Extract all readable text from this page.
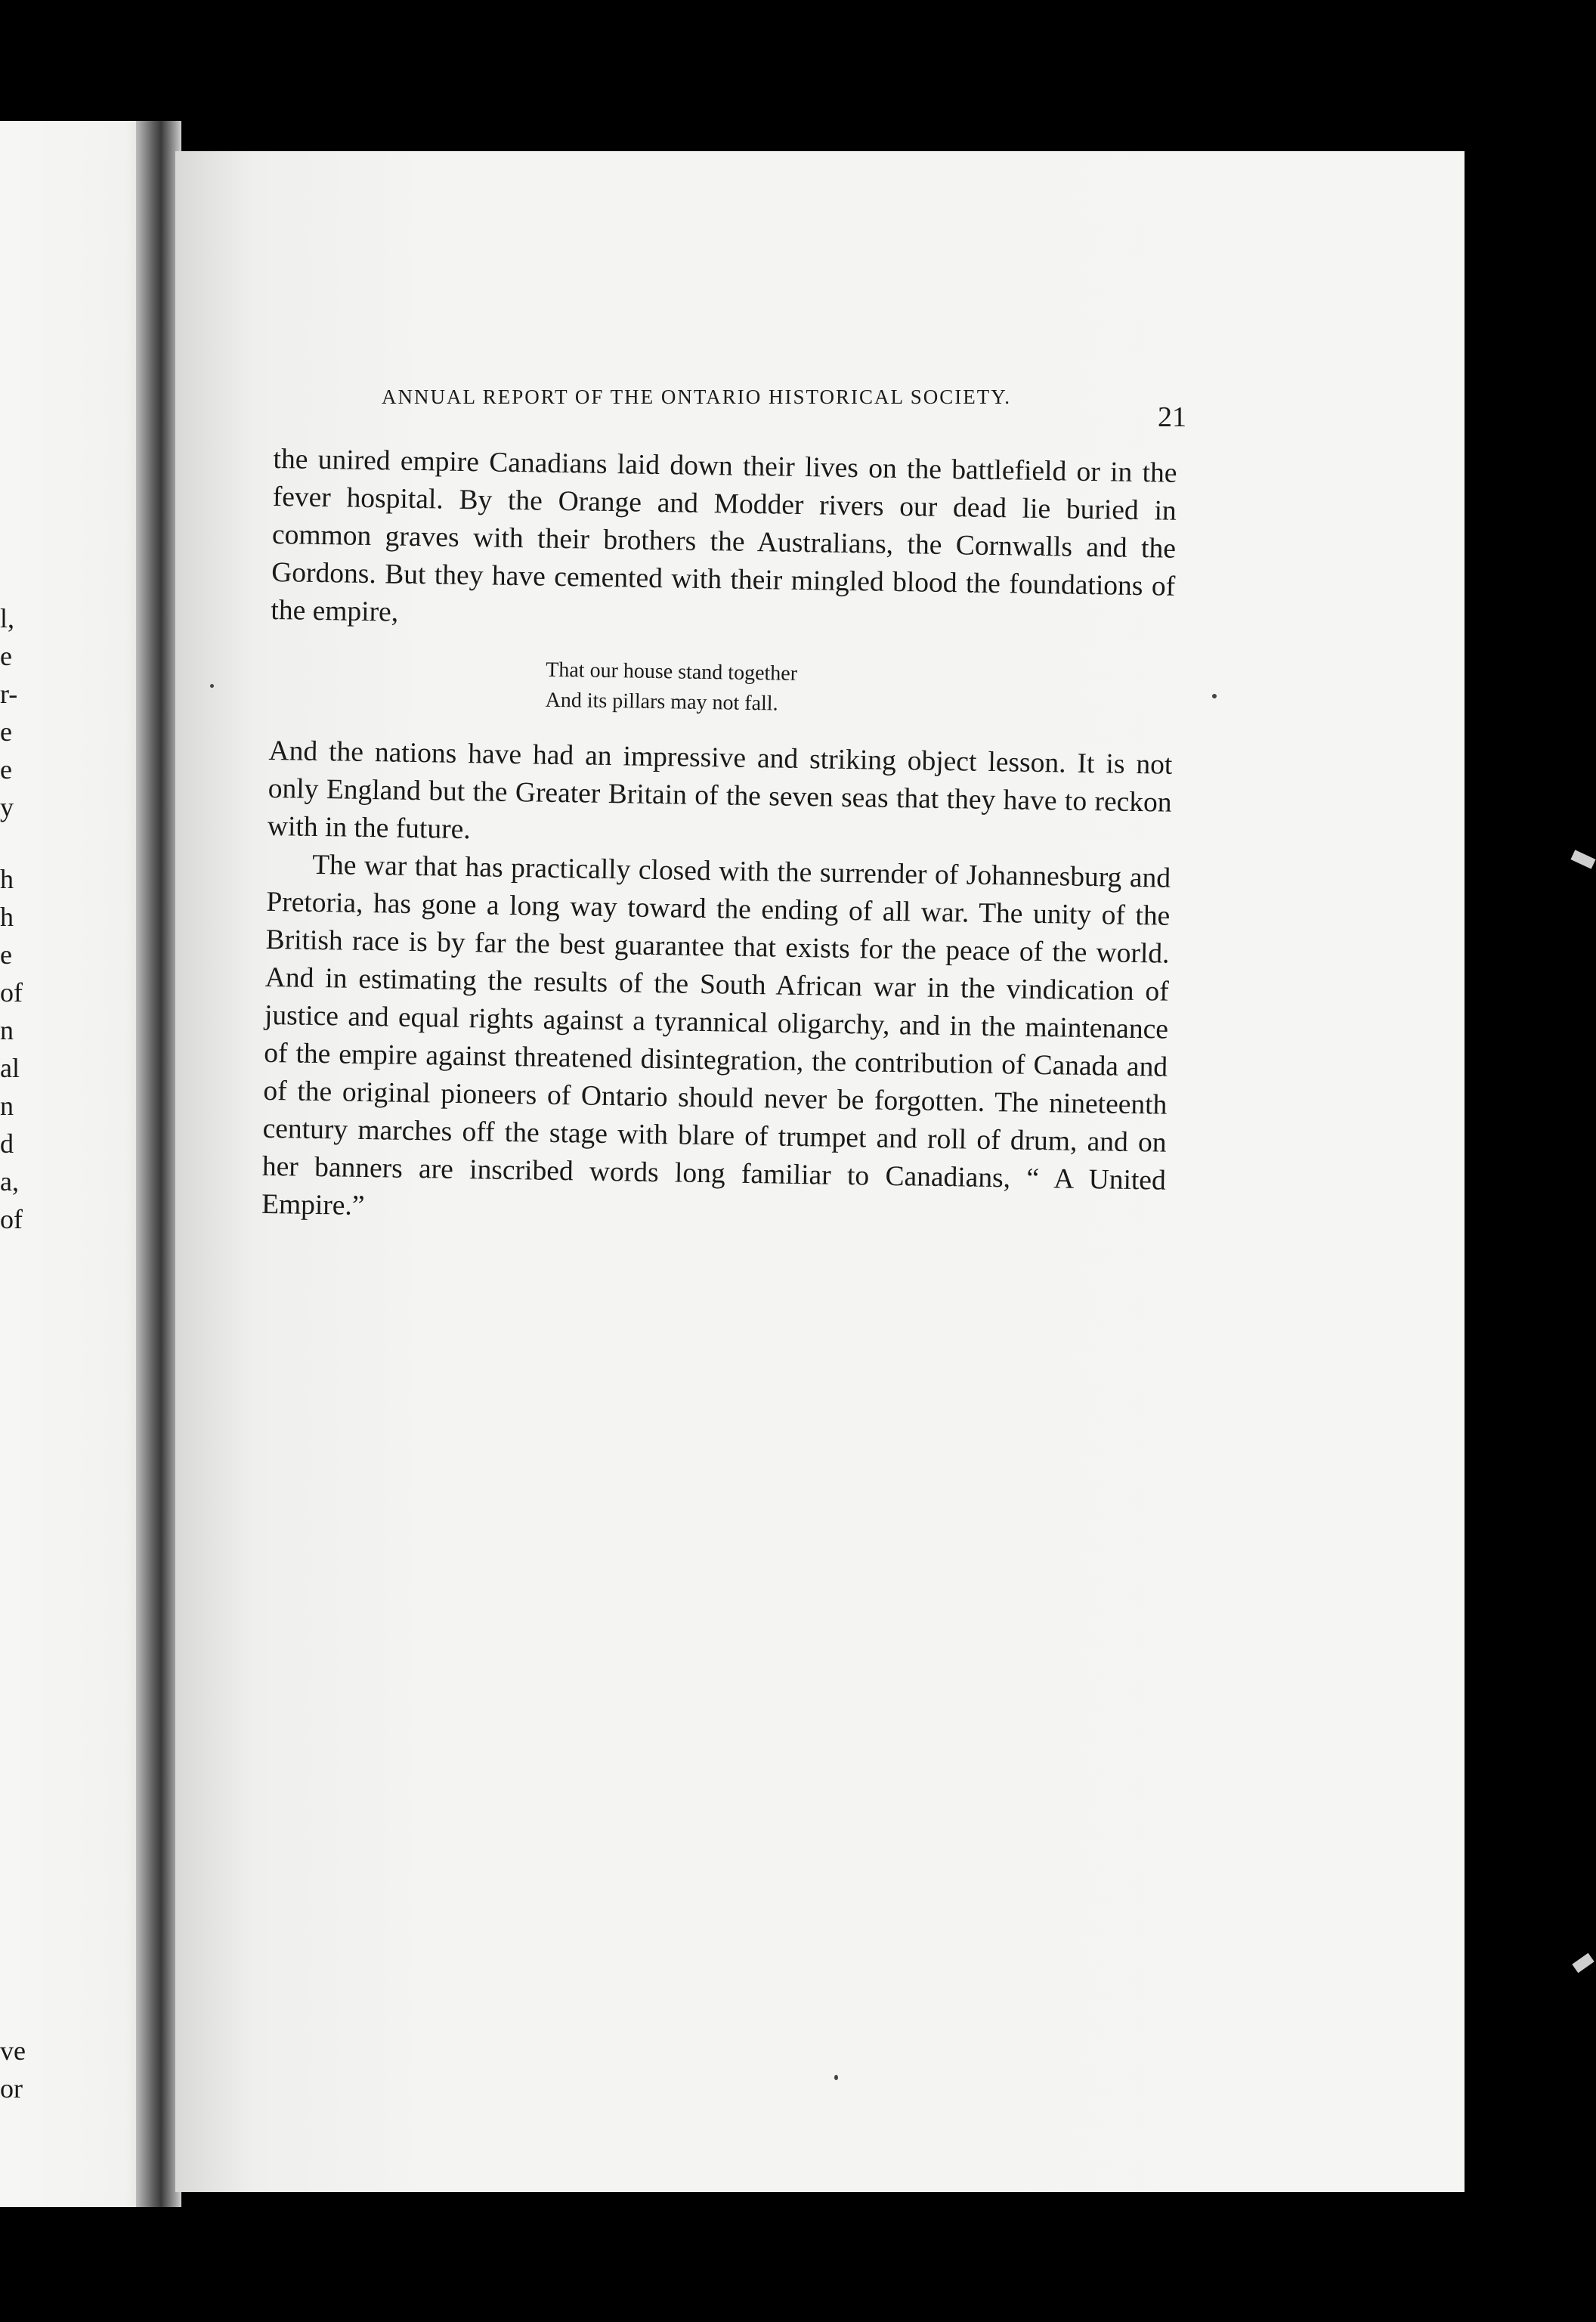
l,
e
r-
e
e
y
h
h
e
of
n
al
n
d
a,
of
ve
or
ANNUAL REPORT OF THE ONTARIO HISTORICAL SOCIETY.
21

the unired empire Canadians laid down their lives on the battlefield or in the fever hospital. By the Orange and Modder rivers our dead lie buried in common graves with their brothers the Australians, the Cornwalls and the Gordons. But they have cemented with their mingled blood the foundations of the empire,

That our house stand together
And its pillars may not fall.

And the nations have had an impressive and striking object lesson. It is not only England but the Greater Britain of the seven seas that they have to reckon with in the future.

The war that has practically closed with the surrender of Johannesburg and Pretoria, has gone a long way toward the ending of all war. The unity of the British race is by far the best guarantee that exists for the peace of the world. And in estimating the results of the South African war in the vindication of justice and equal rights against a tyrannical oligarchy, and in the maintenance of the empire against threatened disintegration, the contribution of Canada and of the original pioneers of Ontario should never be forgotten. The nineteenth century marches off the stage with blare of trumpet and roll of drum, and on her banners are inscribed words long familiar to Canadians, “ A United Empire.”
